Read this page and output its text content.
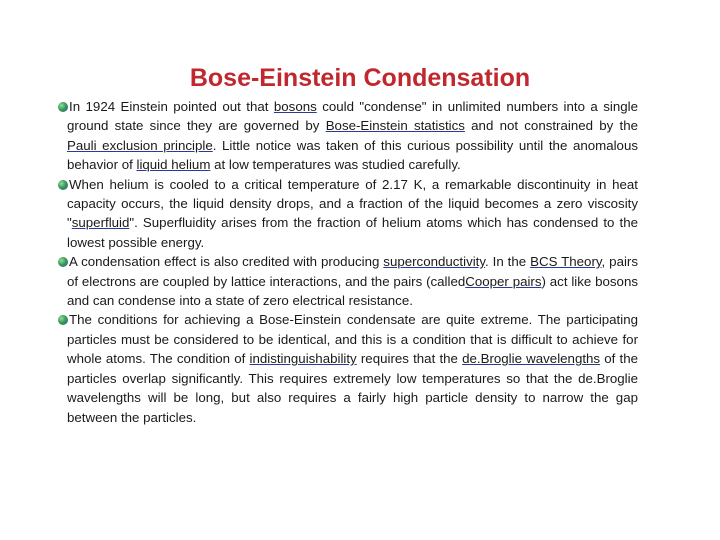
Bose-Einstein Condensation

In 1924 Einstein pointed out that bosons could "condense" in unlimited numbers into a single ground state since they are governed by Bose-Einstein statistics and not constrained by the Pauli exclusion principle. Little notice was taken of this curious possibility until the anomalous behavior of liquid helium at low temperatures was studied carefully.

When helium is cooled to a critical temperature of 2.17 K, a remarkable discontinuity in heat capacity occurs, the liquid density drops, and a fraction of the liquid becomes a zero viscosity "superfluid". Superfluidity arises from the fraction of helium atoms which has condensed to the lowest possible energy.

A condensation effect is also credited with producing superconductivity. In the BCS Theory, pairs of electrons are coupled by lattice interactions, and the pairs (calledCooper pairs) act like bosons and can condense into a state of zero electrical resistance.

The conditions for achieving a Bose-Einstein condensate are quite extreme. The participating particles must be considered to be identical, and this is a condition that is difficult to achieve for whole atoms. The condition of indistinguishability requires that the de.Broglie wavelengths of the particles overlap significantly. This requires extremely low temperatures so that the de.Broglie wavelengths will be long, but also requires a fairly high particle density to narrow the gap between the particles.
